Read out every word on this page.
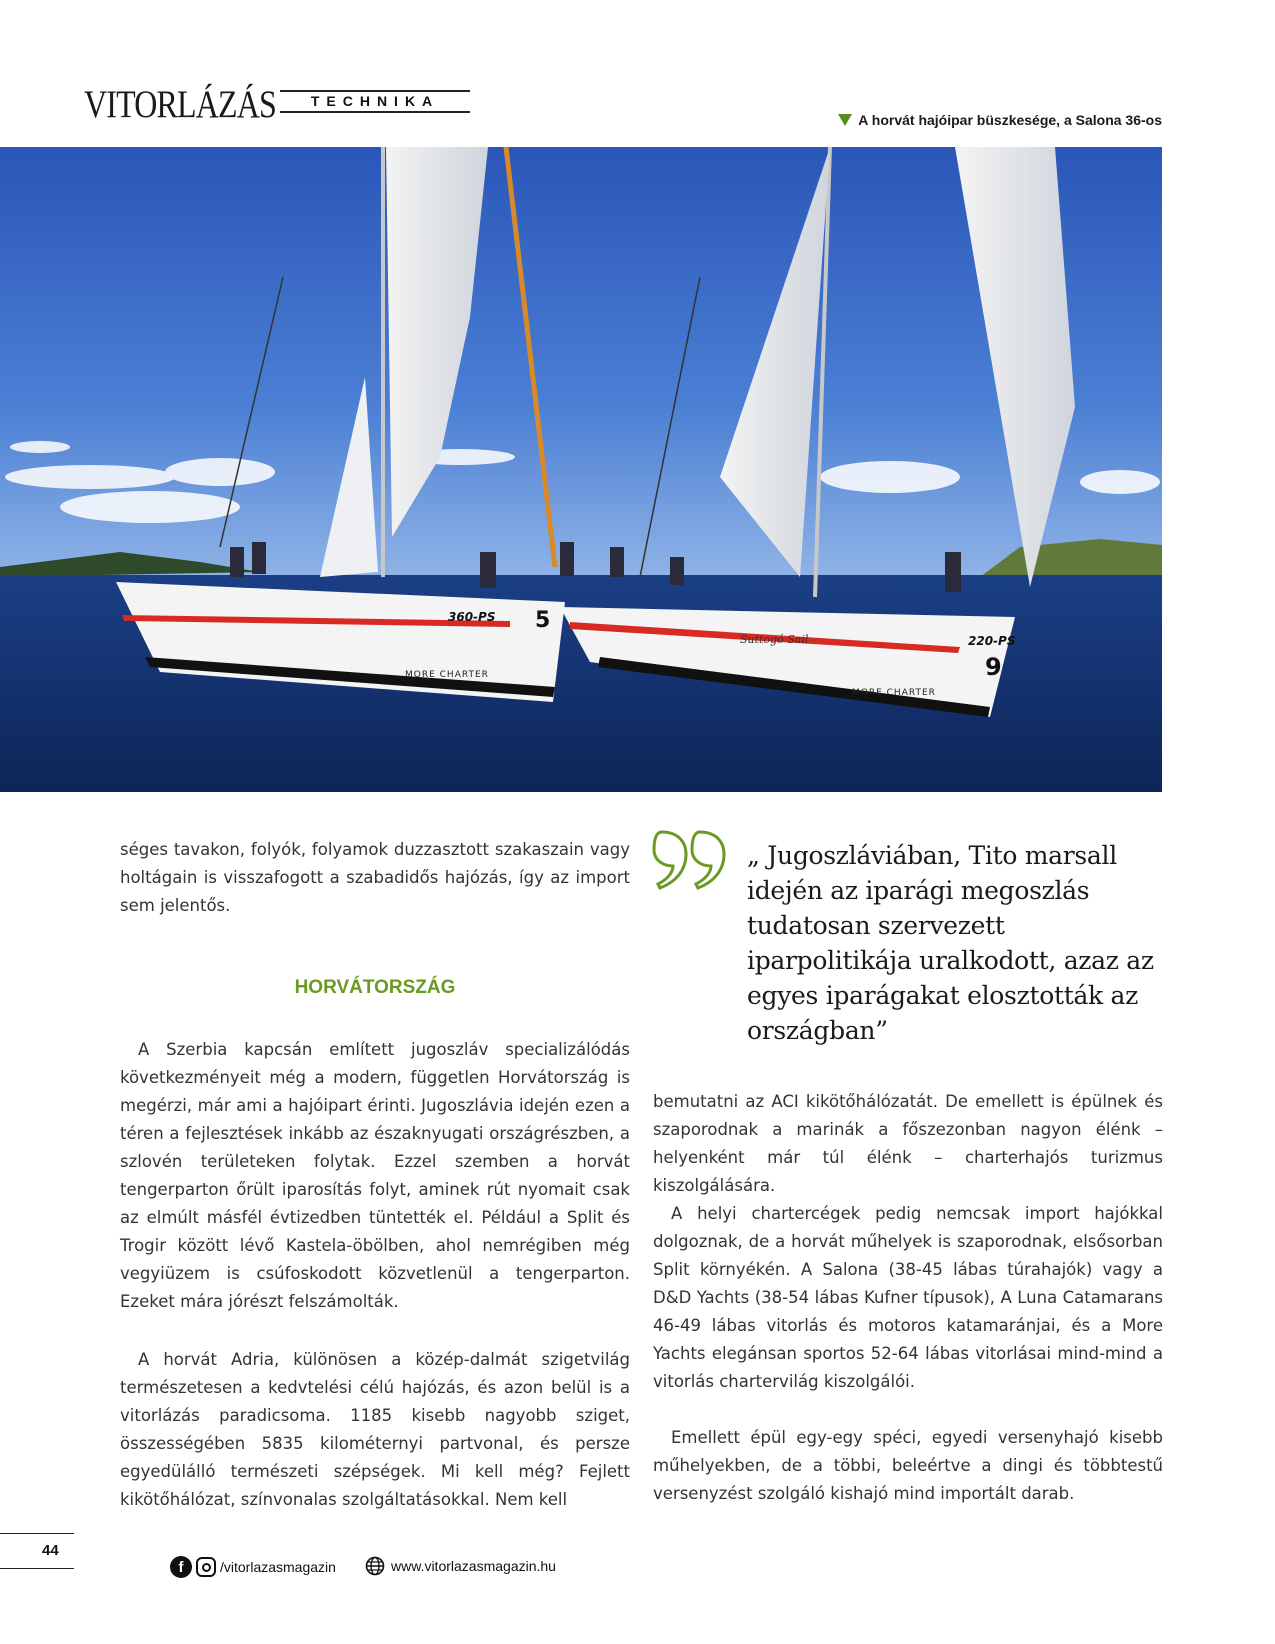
VITORLÁZÁS	TECHNIKA
A horvát hajóipar büszkesége, a Salona 36-os
5
360-PS
MORE CHARTER	9
220-PS
Suttogó Sail
MORE CHARTER

séges tavakon, folyók, folyamok duzzasztott szakaszain vagy holtágain is visszafogott a szabadidős hajózás, így az import sem jelentős.

HORVÁTORSZÁG

A Szerbia kapcsán említett jugoszláv specializálódás következményeit még a modern, független Horvátország is megérzi, már ami a hajóipart érinti. Jugoszlávia idején ezen a téren a fejlesztések inkább az északnyugati országrészben, a szlovén területeken folytak. Ezzel szemben a horvát tengerparton őrült iparosítás folyt, aminek rút nyomait csak az elmúlt másfél évtizedben tüntették el. Például a Split és Trogir között lévő Kastela-öbölben, ahol nemrégiben még vegyiüzem is csúfoskodott közvetlenül a tengerparton. Ezeket mára jórészt felszámolták.

A horvát Adria, különösen a közép-dalmát szigetvilág természetesen a kedvtelési célú hajózás, és azon belül is a vitorlázás paradicsoma. 1185 kisebb nagyobb sziget, összességében 5835 kilométernyi partvonal, és persze egyedülálló természeti szépségek. Mi kell még? Fejlett kikötőhálózat, színvonalas szolgáltatásokkal. Nem kell

„ Jugoszláviában, Tito marsall idején az iparági megoszlás tudatosan szervezett iparpolitikája uralkodott, azaz az egyes iparágakat elosztották az országban”

bemutatni az ACI kikötőhálózatát. De emellett is épülnek és szaporodnak a marinák a főszezonban nagyon élénk – helyenként már túl élénk – charterhajós turizmus kiszolgálására.

A helyi chartercégek pedig nemcsak import hajókkal dolgoznak, de a horvát műhelyek is szaporodnak, elsősorban Split környékén. A Salona (38-45 lábas túrahajók) vagy a D&D Yachts (38-54 lábas Kufner típusok), A Luna Catamarans 46-49 lábas vitorlás és motoros katamaránjai, és a More Yachts elegánsan sportos 52-64 lábas vitorlásai mind-mind a vitorlás chartervilág kiszolgálói.

Emellett épül egy-egy spéci, egyedi versenyhajó kisebb műhelyekben, de a többi, beleértve a dingi és többtestű versenyzést szolgáló kishajó mind importált darab.

44
f	/vitorlazasmagazin	www.vitorlazasmagazin.hu
